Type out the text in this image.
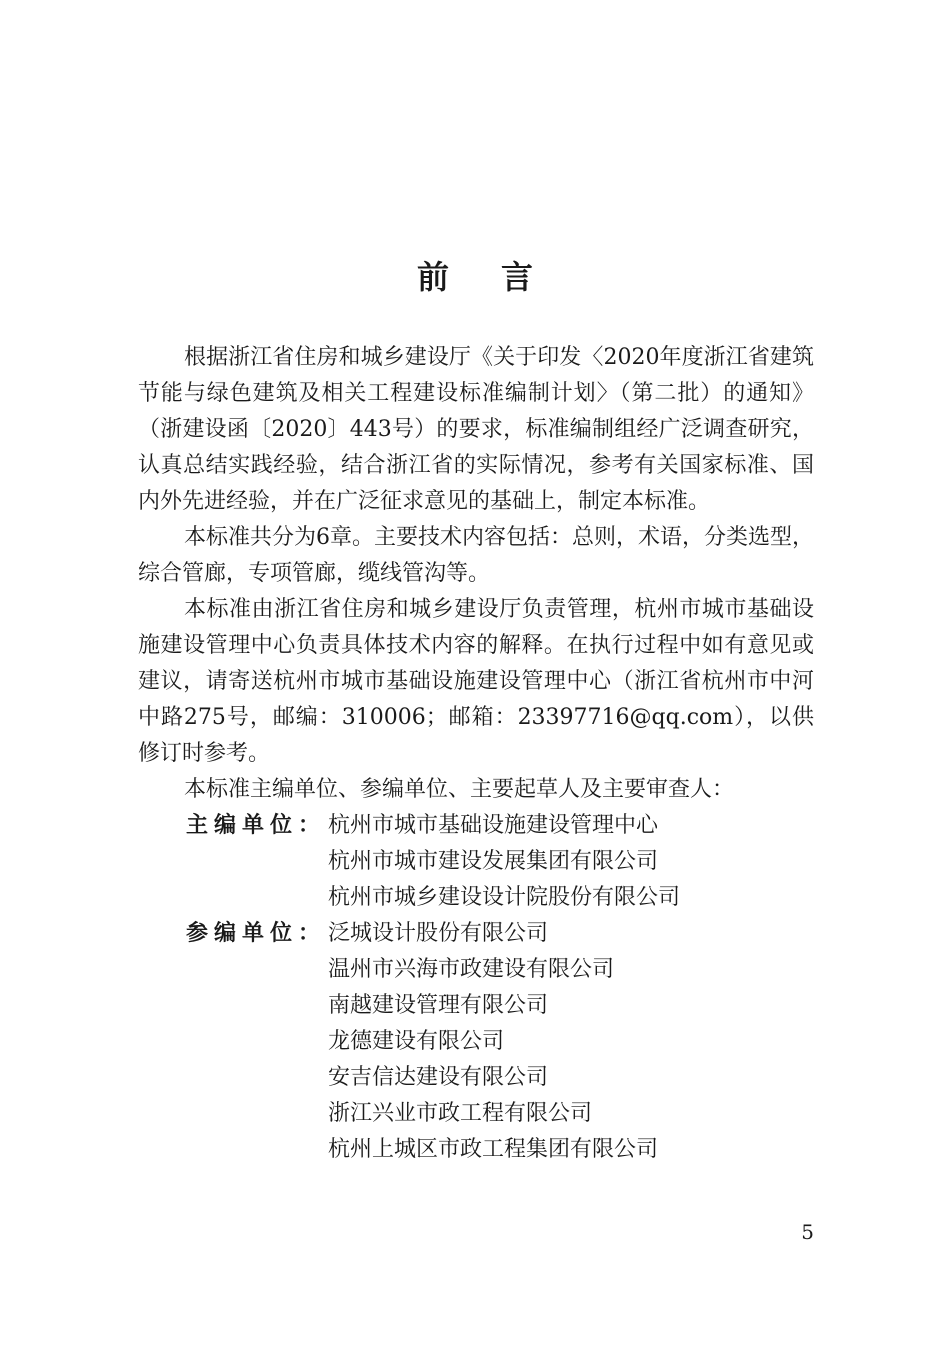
前言

根据浙江省住房和城乡建设厅《关于印发〈2020年度浙江省建筑节能与绿色建筑及相关工程建设标准编制计划〉（第二批）的通知》（浙建设函〔2020〕443号）的要求，标准编制组经广泛调查研究，认真总结实践经验，结合浙江省的实际情况，参考有关国家标准、国内外先进经验，并在广泛征求意见的基础上，制定本标准。

本标准共分为6章。主要技术内容包括：总则，术语，分类选型，综合管廊，专项管廊，缆线管沟等。

本标准由浙江省住房和城乡建设厅负责管理，杭州市城市基础设施建设管理中心负责具体技术内容的解释。在执行过程中如有意见或建议，请寄送杭州市城市基础设施建设管理中心（浙江省杭州市中河中路275号，邮编：310006；邮箱：23397716@qq.com），以供修订时参考。

本标准主编单位、参编单位、主要起草人及主要审查人：

主编单位： 杭州市城市基础设施建设管理中心
杭州市城市建设发展集团有限公司
杭州市城乡建设设计院股份有限公司
参编单位： 泛城设计股份有限公司
温州市兴海市政建设有限公司
南越建设管理有限公司
龙德建设有限公司
安吉信达建设有限公司
浙江兴业市政工程有限公司
杭州上城区市政工程集团有限公司
5
